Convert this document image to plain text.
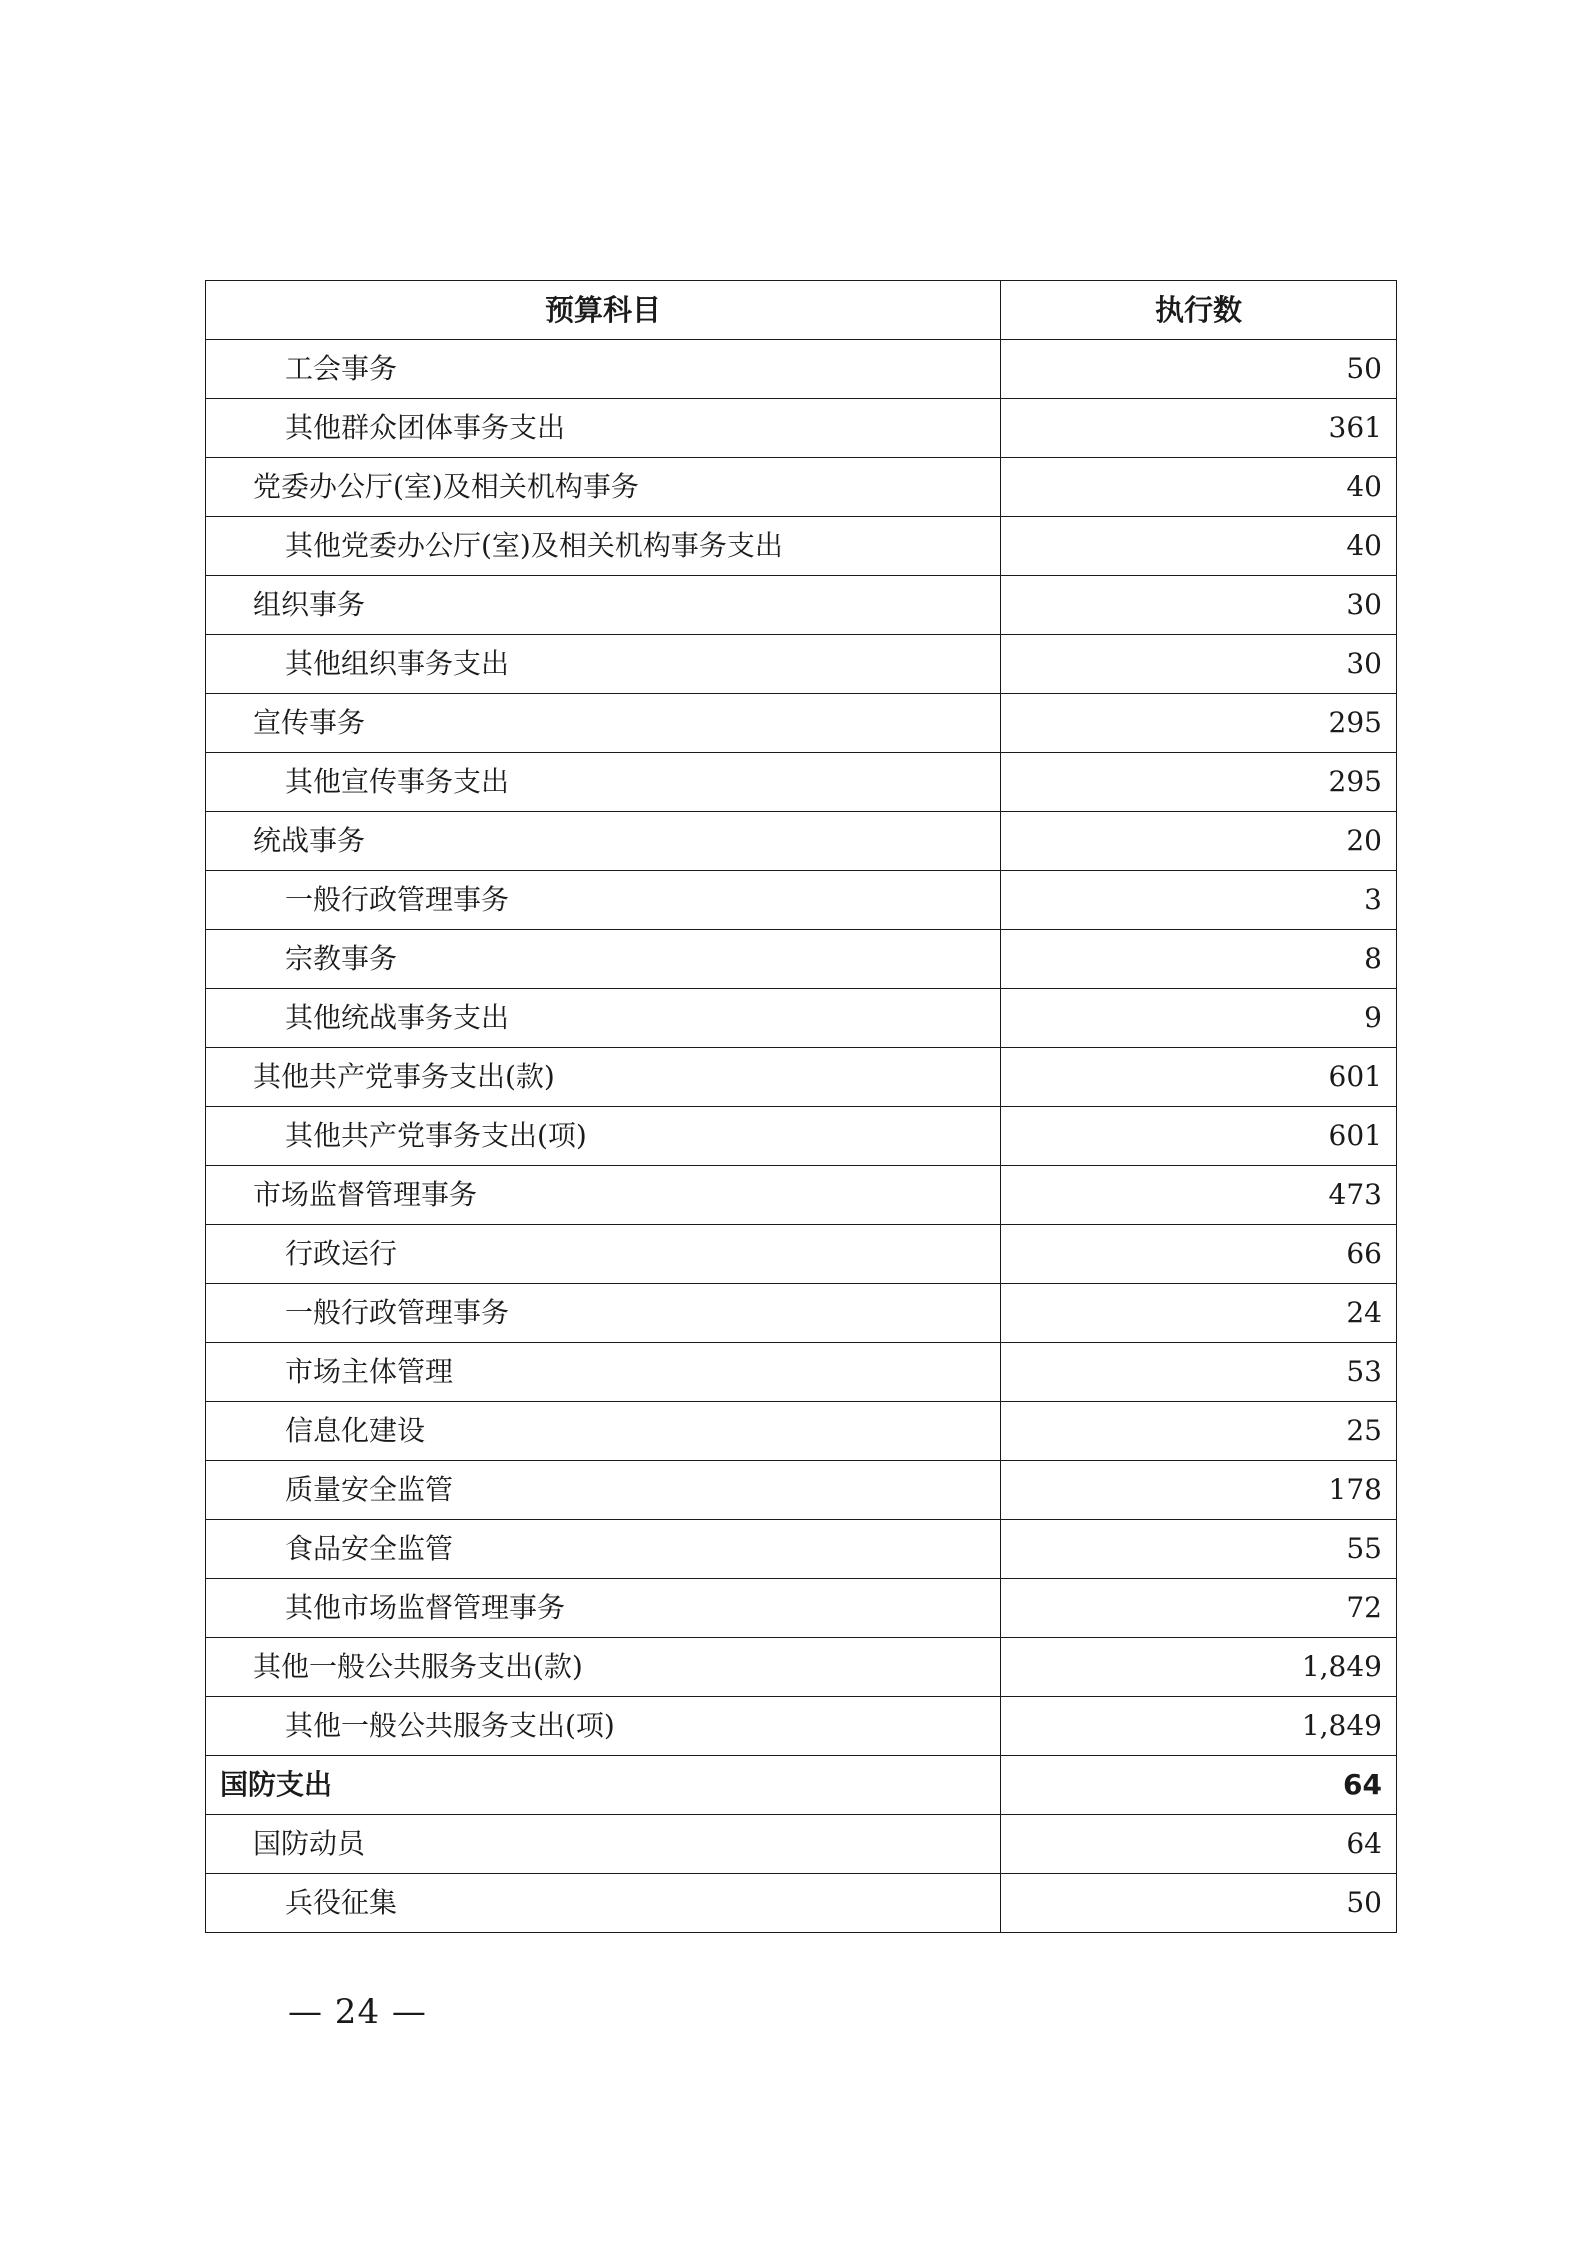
预算科目	执行数
工会事务	50
其他群众团体事务支出	361
党委办公厅(室)及相关机构事务	40
其他党委办公厅(室)及相关机构事务支出	40
组织事务	30
其他组织事务支出	30
宣传事务	295
其他宣传事务支出	295
统战事务	20
一般行政管理事务	3
宗教事务	8
其他统战事务支出	9
其他共产党事务支出(款)	601
其他共产党事务支出(项)	601
市场监督管理事务	473
行政运行	66
一般行政管理事务	24
市场主体管理	53
信息化建设	25
质量安全监管	178
食品安全监管	55
其他市场监督管理事务	72
其他一般公共服务支出(款)	1,849
其他一般公共服务支出(项)	1,849
国防支出	64
国防动员	64
兵役征集	50
— 24 —
